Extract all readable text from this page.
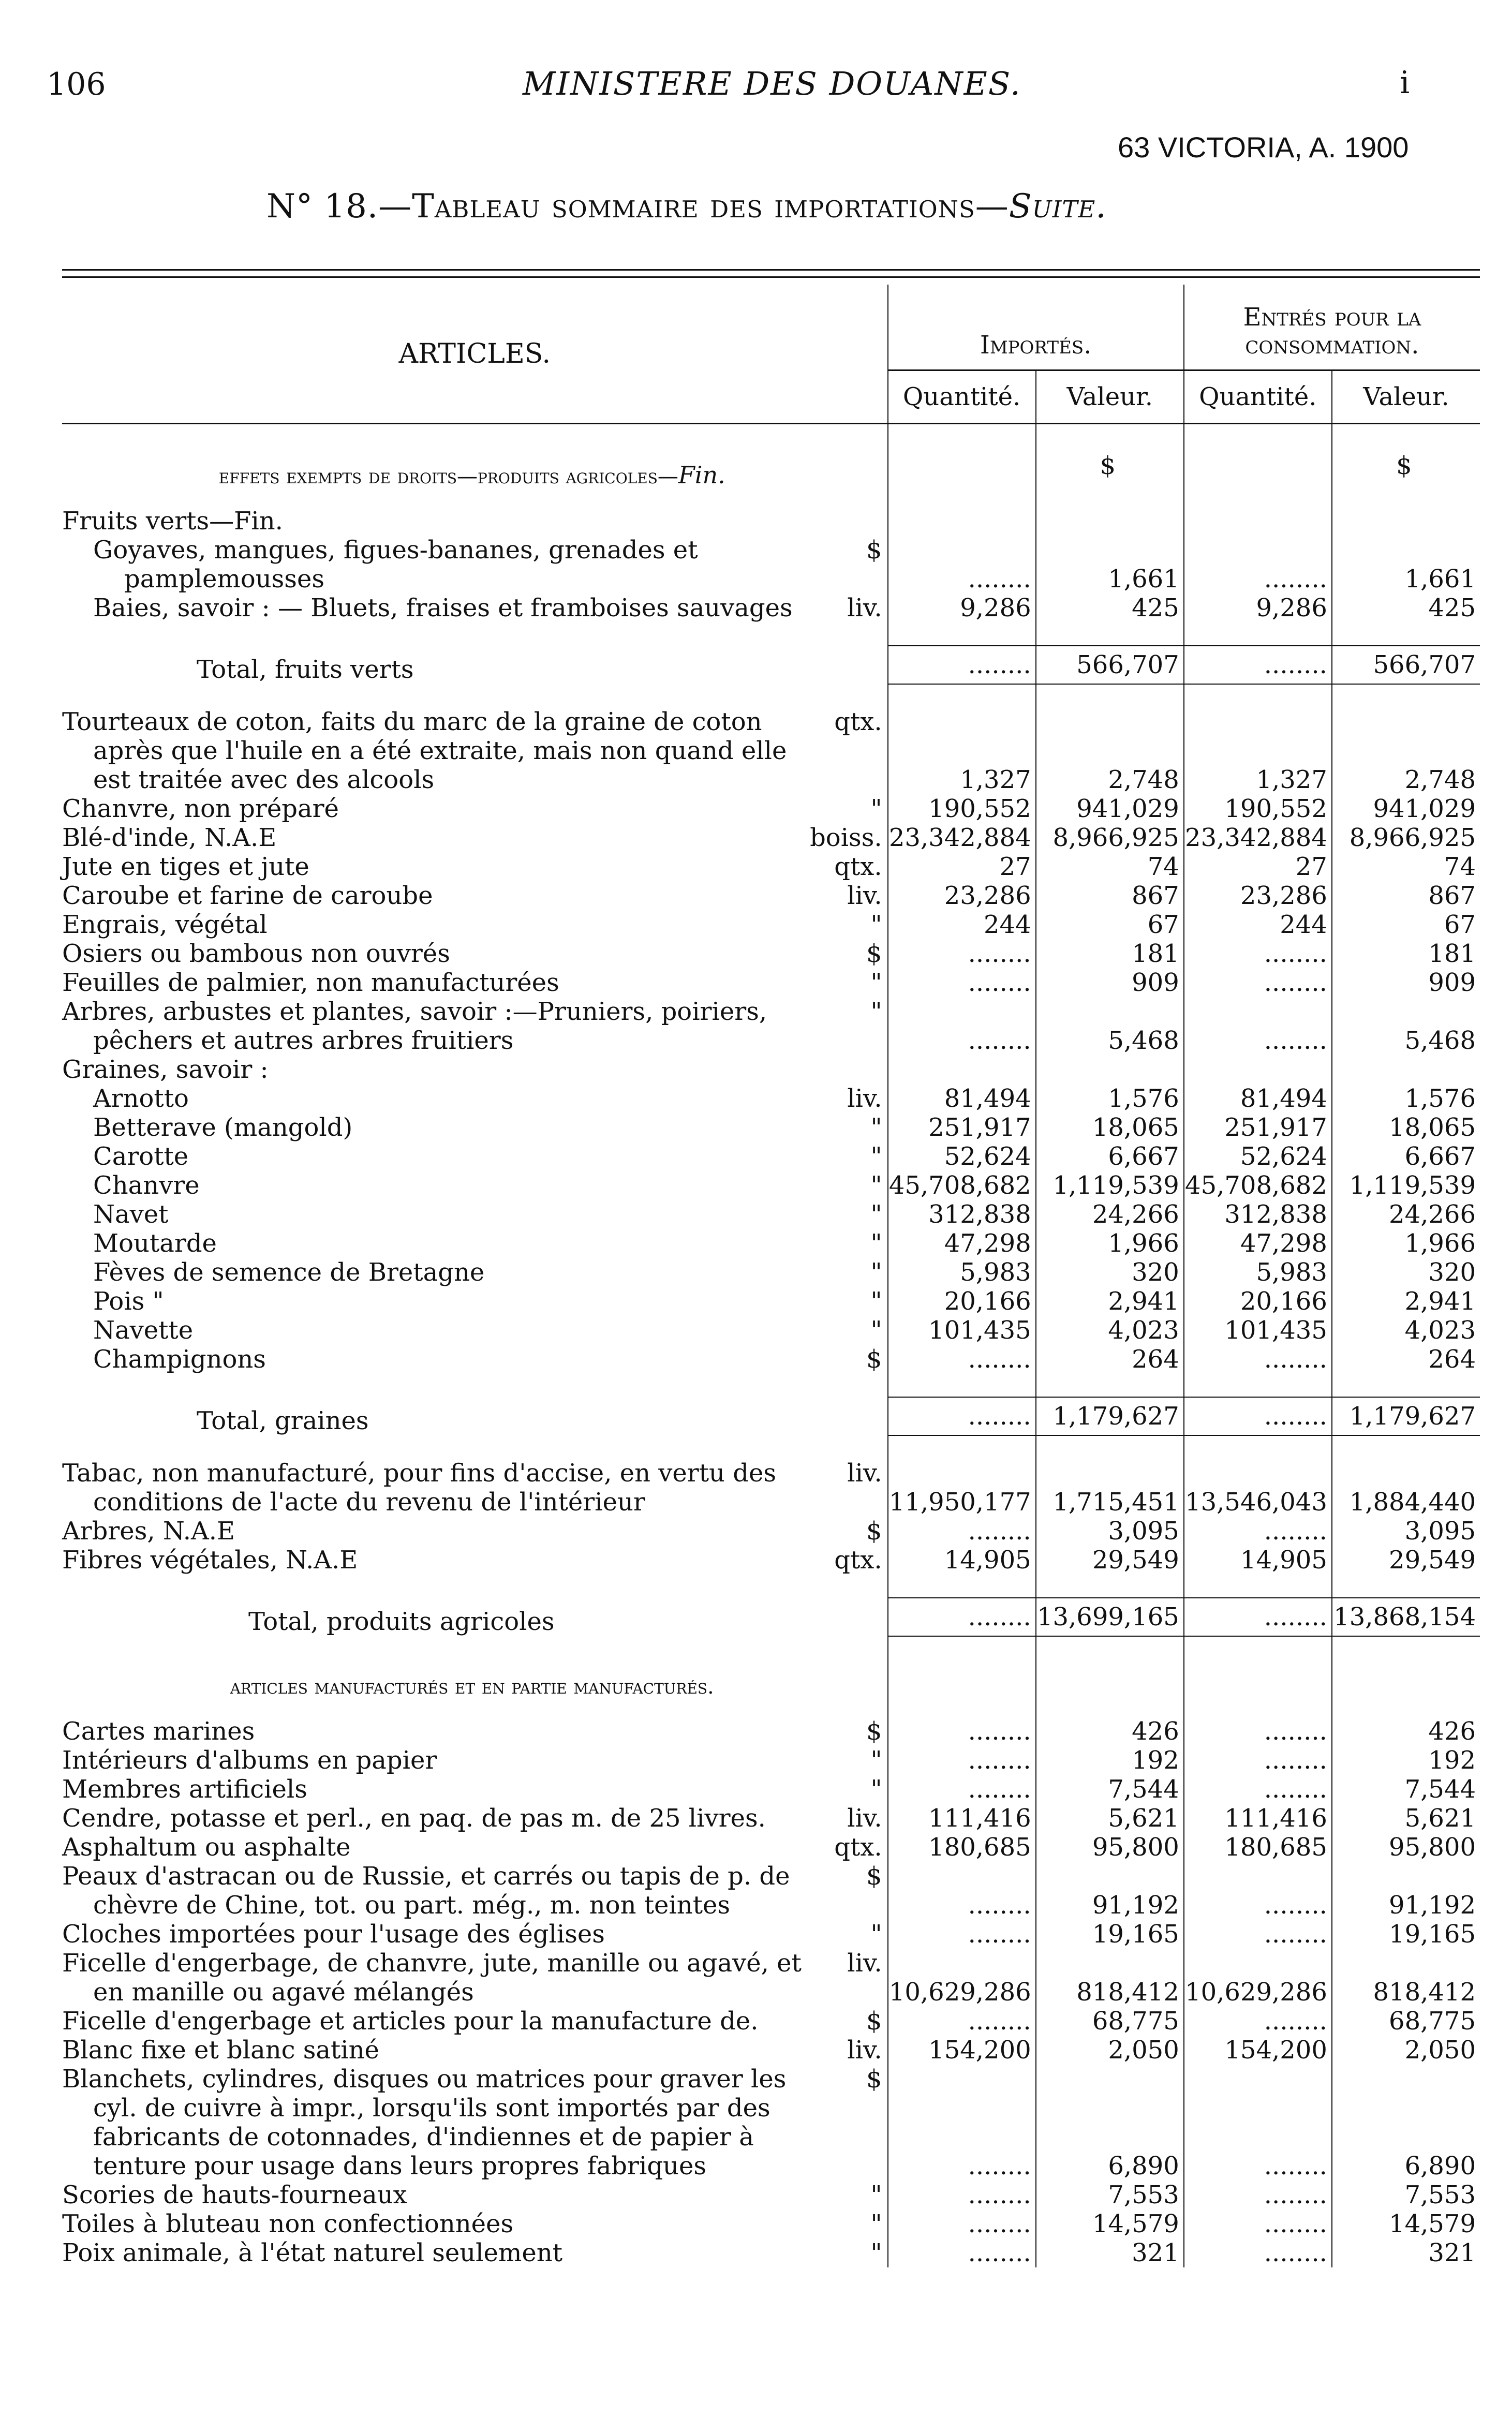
106	MINISTERE DES DOUANES.	i
63 VICTORIA, A. 1900
N° 18.—Tableau sommaire des importations—Suite.
ARTICLES.	Importés.		Entrés pour la consommation.	
	Quantité.	Valeur.	Quantité.	Valeur.
effets exempts de droits—produits agricoles—Fin.		$		$
Fruits verts—Fin.				

Goyaves, mangues, figues-bananes, grenades et pamplemousses
$	........	1,661	........	1,661

Baies, savoir : — Bluets, fraises et framboises sauvages liv.	9,286	425	9,286	425

Total, fruits verts	........	566,707	........	566,707

Tourteaux de coton, faits du marc de la graine de coton après que l'huile en a été extraite, mais non quand elle est traitée avec des alcools
qtx.	1,327	2,748	1,327	2,748

Chanvre, non préparé "	190,552	941,029	190,552	941,029

Blé-d'inde, N.A.E boiss.	23,342,884	8,966,925	23,342,884	8,966,925

Jute en tiges et jute qtx.	27	74	27	74

Caroube et farine de caroube liv.	23,286	867	23,286	867

Engrais, végétal "	244	67	244	67

Osiers ou bambous non ouvrés $	........	181	........	181

Feuilles de palmier, non manufacturées "	........	909	........	909

Arbres, arbustes et plantes, savoir :—Pruniers, poiriers, pêchers et autres arbres fruitiers
"	........	5,468	........	5,468
Graines, savoir :				

Arnotto liv.	81,494	1,576	81,494	1,576

Betterave (mangold) "	251,917	18,065	251,917	18,065

Carotte "	52,624	6,667	52,624	6,667

Chanvre "	45,708,682	1,119,539	45,708,682	1,119,539

Navet "	312,838	24,266	312,838	24,266

Moutarde "	47,298	1,966	47,298	1,966

Fèves de semence de Bretagne "	5,983	320	5,983	320

Pois " "	20,166	2,941	20,166	2,941

Navette "	101,435	4,023	101,435	4,023

Champignons $	........	264	........	264

Total, graines	........	1,179,627	........	1,179,627

Tabac, non manufacturé, pour fins d'accise, en vertu des conditions de l'acte du revenu de l'intérieur
liv.	11,950,177	1,715,451	13,546,043	1,884,440

Arbres, N.A.E $	........	3,095	........	3,095

Fibres végétales, N.A.E qtx.	14,905	29,549	14,905	29,549

Total, produits agricoles	........	13,699,165	........	13,868,154
articles manufacturés et en partie manufacturés.				

Cartes marines $	........	426	........	426

Intérieurs d'albums en papier "	........	192	........	192

Membres artificiels "	........	7,544	........	7,544

Cendre, potasse et perl., en paq. de pas m. de 25 livres. liv.	111,416	5,621	111,416	5,621

Asphaltum ou asphalte qtx.	180,685	95,800	180,685	95,800

Peaux d'astracan ou de Russie, et carrés ou tapis de p. de chèvre de Chine, tot. ou part. még., m. non teintes
$	........	91,192	........	91,192

Cloches importées pour l'usage des églises "	........	19,165	........	19,165

Ficelle d'engerbage, de chanvre, jute, manille ou agavé, et en manille ou agavé mélangés
liv.	10,629,286	818,412	10,629,286	818,412

Ficelle d'engerbage et articles pour la manufacture de. $	........	68,775	........	68,775

Blanc fixe et blanc satiné liv.	154,200	2,050	154,200	2,050

Blanchets, cylindres, disques ou matrices pour graver les cyl. de cuivre à impr., lorsqu'ils sont importés par des fabricants de cotonnades, d'indiennes et de papier à tenture pour usage dans leurs propres fabriques
$	........	6,890	........	6,890

Scories de hauts-fourneaux "	........	7,553	........	7,553

Toiles à bluteau non confectionnées "	........	14,579	........	14,579

Poix animale, à l'état naturel seulement "	........	321	........	321
